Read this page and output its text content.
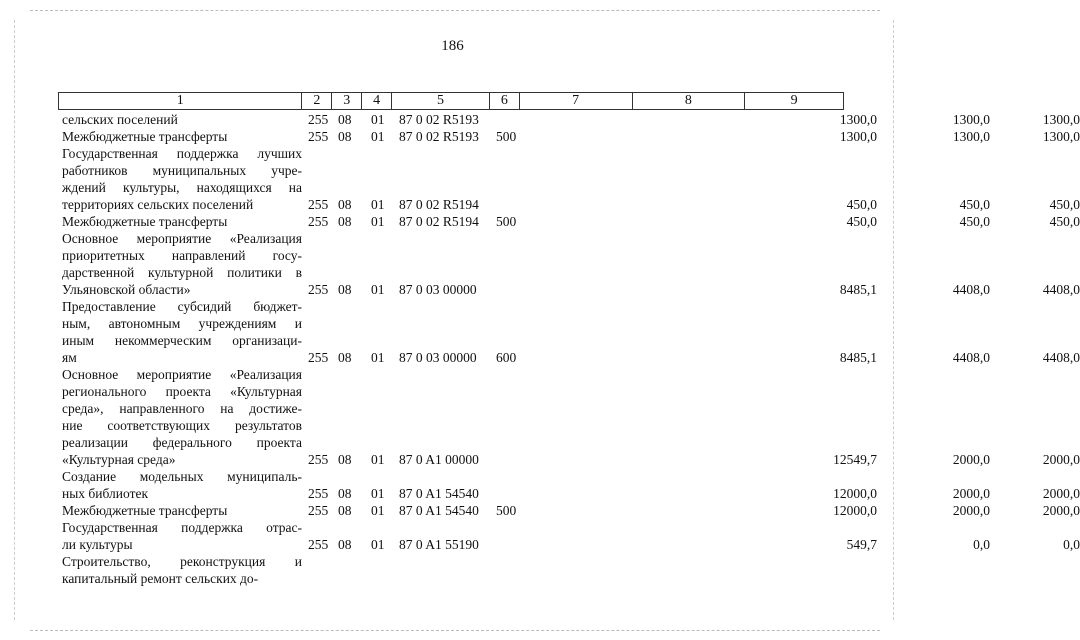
186
1	2	3	4	5	6	7	8	9
сельских поселений	255 08 01 87 0 02 R5193	1300,0	1300,0	1300,0
Межбюджетные трансферты	255 08 01 87 0 02 R5193 500	1300,0	1300,0	1300,0
Государственная поддержка лучших
работников муниципальных учре-
ждений культуры, находящихся на
территориях сельских поселений	255 08 01 87 0 02 R5194	450,0	450,0	450,0
Межбюджетные трансферты	255 08 01 87 0 02 R5194 500	450,0	450,0	450,0
Основное мероприятие «Реализация
приоритетных направлений госу-
дарственной культурной политики в
Ульяновской области»	255 08 01 87 0 03 00000	8485,1	4408,0	4408,0
Предоставление субсидий бюджет-
ным, автономным учреждениям и
иным некоммерческим организаци-
ям	255 08 01 87 0 03 00000 600	8485,1	4408,0	4408,0
Основное мероприятие «Реализация
регионального проекта «Культурная
среда», направленного на достиже-
ние соответствующих результатов
реализации федерального проекта
«Культурная среда»	255 08 01 87 0 A1 00000	12549,7	2000,0	2000,0
Создание модельных муниципаль-
ных библиотек	255 08 01 87 0 A1 54540	12000,0	2000,0	2000,0
Межбюджетные трансферты	255 08 01 87 0 A1 54540 500	12000,0	2000,0	2000,0
Государственная поддержка отрас-
ли культуры	255 08 01 87 0 A1 55190	549,7	0,0	0,0
Строительство, реконструкция и
капитальный ремонт сельских до-
